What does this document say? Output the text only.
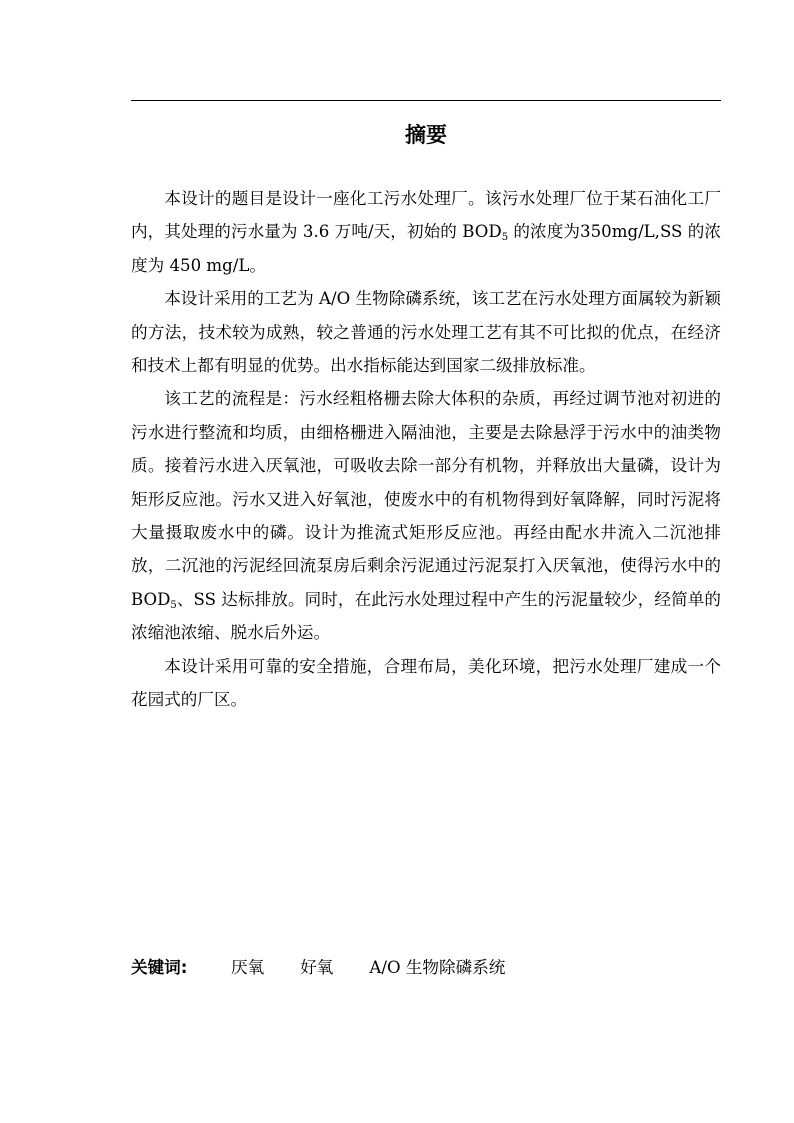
摘要

本设计的题目是设计一座化工污水处理厂。该污水处理厂位于某石油化工厂内，其处理的污水量为 3.6 万吨/天，初始的 $BOD_5$ 的浓度为350mg/L,SS 的浓度为 450 mg/L。

本设计采用的工艺为 A/O 生物除磷系统，该工艺在污水处理方面属较为新颖的方法，技术较为成熟，较之普通的污水处理工艺有其不可比拟的优点，在经济和技术上都有明显的优势。出水指标能达到国家二级排放标准。

该工艺的流程是：污水经粗格栅去除大体积的杂质，再经过调节池对初进的污水进行整流和均质，由细格栅进入隔油池，主要是去除悬浮于污水中的油类物质。接着污水进入厌氧池，可吸收去除一部分有机物，并释放出大量磷，设计为矩形反应池。污水又进入好氧池，使废水中的有机物得到好氧降解，同时污泥将大量摄取废水中的磷。设计为推流式矩形反应池。再经由配水井流入二沉池排放，二沉池的污泥经回流泵房后剩余污泥通过污泥泵打入厌氧池，使得污水中的 $BOD_5$、SS 达标排放。同时，在此污水处理过程中产生的污泥量较少，经简单的浓缩池浓缩、脱水后外运。

本设计采用可靠的安全措施，合理布局，美化环境，把污水处理厂建成一个花园式的厂区。

关键词:	厌氧 好氧 A/O 生物除磷系统
